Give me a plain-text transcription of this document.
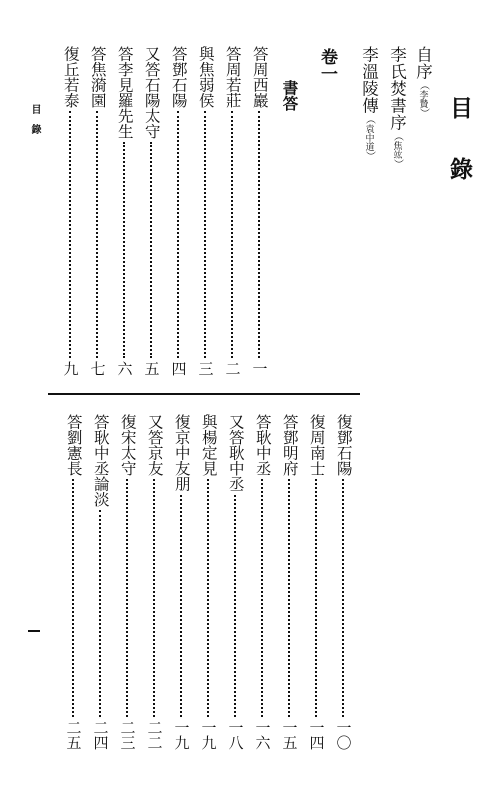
目錄
自序（李贄）
李氏焚書序（焦竑）
李溫陵傳（袁中道）
卷一
書答
答周西巖
一
答周若莊
二
與焦弱侯
三
答鄧石陽
四
又答石陽太守
五
答李見羅先生
六
答焦漪園
七
復丘若泰
九
復鄧石陽
一〇
復周南士
一四
答鄧明府
一五
答耿中丞
一六
又答耿中丞
一八
與楊定見
一九
復京中友朋
一九
又答京友
二二
復宋太守
二三
答耿中丞論淡
二四
答劉憲長
二五
目錄
